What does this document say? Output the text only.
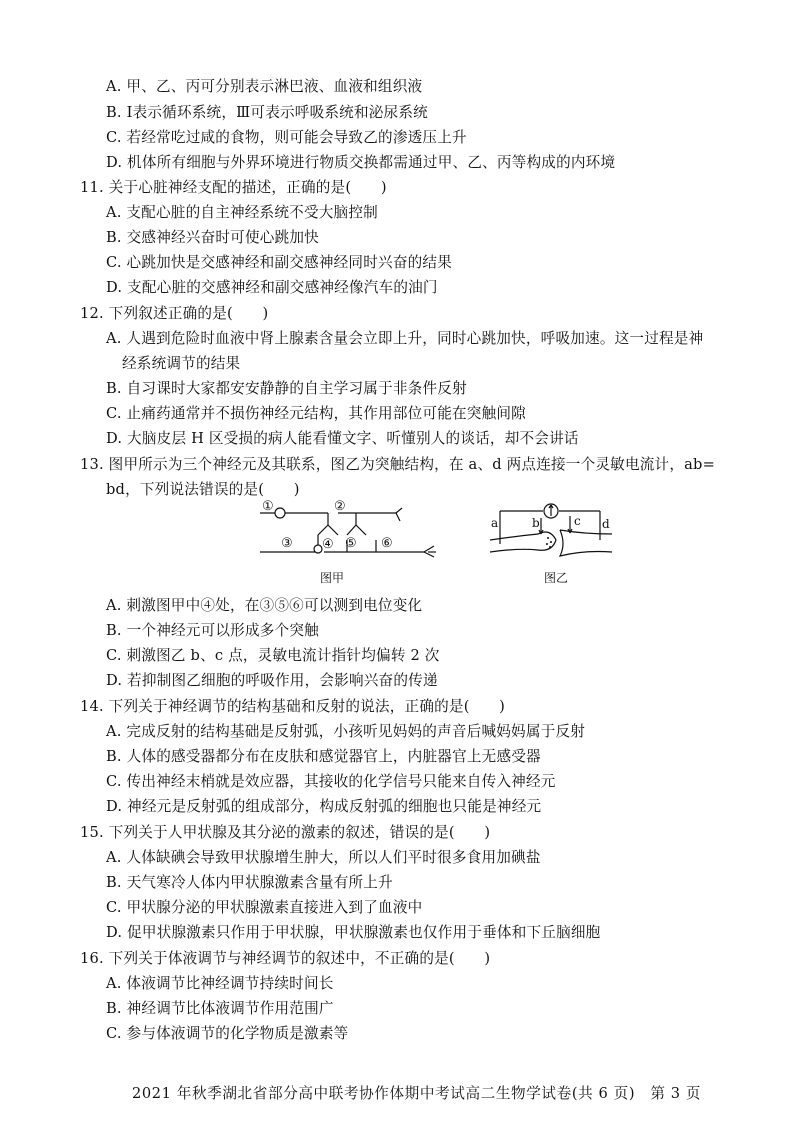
A. 甲、乙、丙可分别表示淋巴液、血液和组织液
B. Ⅰ表示循环系统，Ⅲ可表示呼吸系统和泌尿系统
C. 若经常吃过咸的食物，则可能会导致乙的渗透压上升
D. 机体所有细胞与外界环境进行物质交换都需通过甲、乙、丙等构成的内环境
11. 关于心脏神经支配的描述，正确的是(　　)
A. 支配心脏的自主神经系统不受大脑控制
B. 交感神经兴奋时可使心跳加快
C. 心跳加快是交感神经和副交感神经同时兴奋的结果
D. 支配心脏的交感神经和副交感神经像汽车的油门
12. 下列叙述正确的是(　　)
A. 人遇到危险时血液中肾上腺素含量会立即上升，同时心跳加快，呼吸加速。这一过程是神
经系统调节的结果
B. 自习课时大家都安安静静的自主学习属于非条件反射
C. 止痛药通常并不损伤神经元结构，其作用部位可能在突触间隙
D. 大脑皮层 H 区受损的病人能看懂文字、听懂别人的谈话，却不会讲话
13. 图甲所示为三个神经元及其联系，图乙为突触结构，在 a、d 两点连接一个灵敏电流计，ab=
bd，下列说法错误的是(　　)
①	②
③ ④ ⑤ ⑥
图甲
a	b	c d
图乙
A. 刺激图甲中④处，在③⑤⑥可以测到电位变化
B. 一个神经元可以形成多个突触
C. 刺激图乙 b、c 点，灵敏电流计指针均偏转 2 次
D. 若抑制图乙细胞的呼吸作用，会影响兴奋的传递
14. 下列关于神经调节的结构基础和反射的说法，正确的是(　　)
A. 完成反射的结构基础是反射弧，小孩听见妈妈的声音后喊妈妈属于反射
B. 人体的感受器都分布在皮肤和感觉器官上，内脏器官上无感受器
C. 传出神经末梢就是效应器，其接收的化学信号只能来自传入神经元
D. 神经元是反射弧的组成部分，构成反射弧的细胞也只能是神经元
15. 下列关于人甲状腺及其分泌的激素的叙述，错误的是(　　)
A. 人体缺碘会导致甲状腺增生肿大，所以人们平时很多食用加碘盐
B. 天气寒冷人体内甲状腺激素含量有所上升
C. 甲状腺分泌的甲状腺激素直接进入到了血液中
D. 促甲状腺激素只作用于甲状腺，甲状腺激素也仅作用于垂体和下丘脑细胞
16. 下列关于体液调节与神经调节的叙述中，不正确的是(　　)
A. 体液调节比神经调节持续时间长
B. 神经调节比体液调节作用范围广
C. 参与体液调节的化学物质是激素等
2021 年秋季湖北省部分高中联考协作体期中考试高二生物学试卷(共 6 页)　第 3 页
